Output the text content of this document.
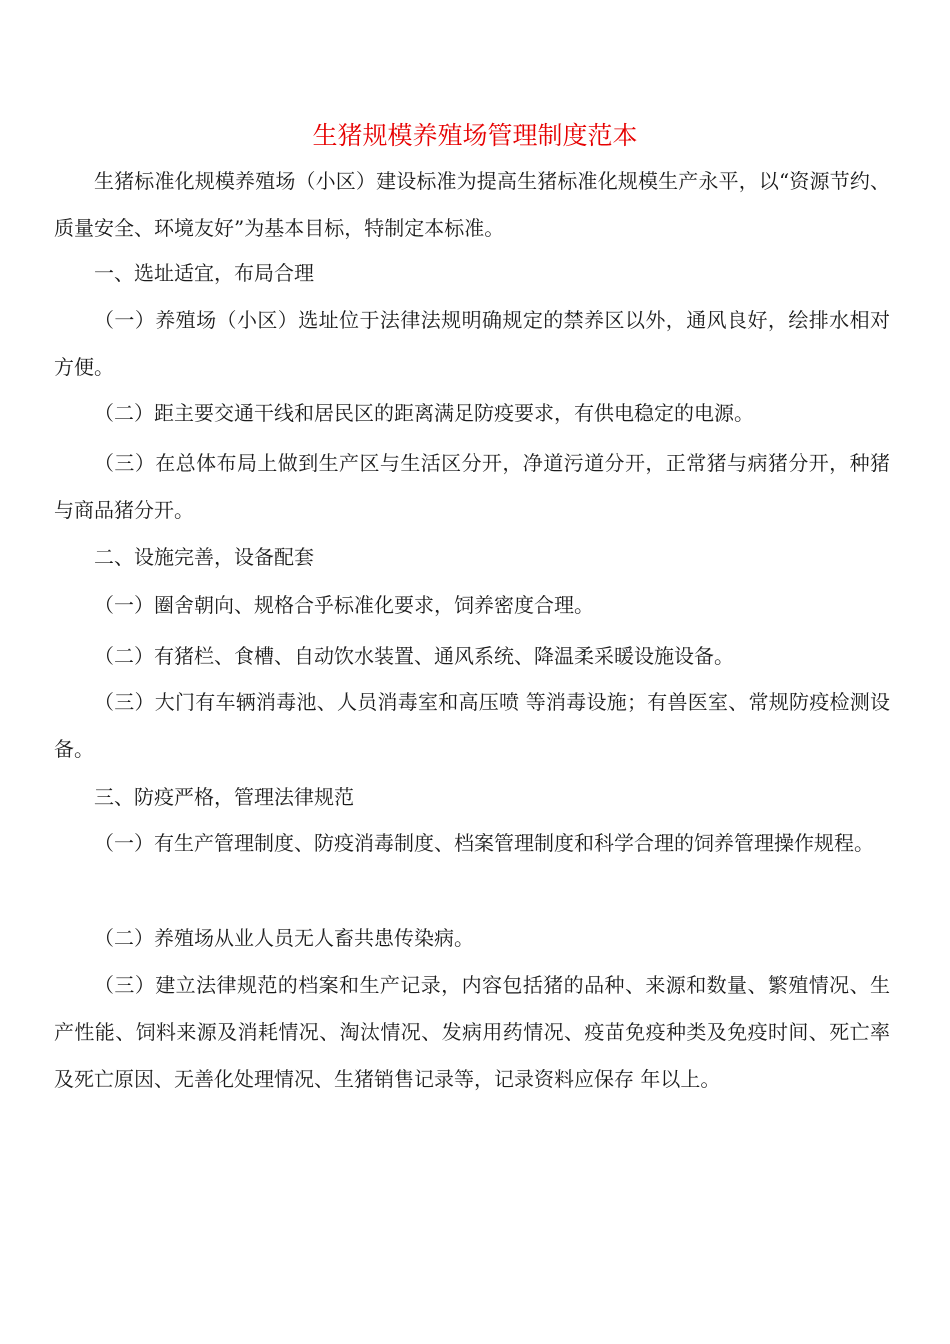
生猪规模养殖场管理制度范本
生猪标准化规模养殖场（小区）建设标准为提高生猪标准化规模生产永平，以“资源节约、质量安全、环境友好”为基本目标，特制定本标准。
一、选址适宜，布局合理
（一）养殖场（小区）选址位于法律法规明确规定的禁养区以外，通风良好，绘排水相对方便。
（二）距主要交通干线和居民区的距离满足防疫要求，有供电稳定的电源。
（三）在总体布局上做到生产区与生活区分开，净道污道分开，正常猪与病猪分开，种猪与商品猪分开。
二、设施完善，设备配套
（一）圈舍朝向、规格合乎标准化要求，饲养密度合理。
（二）有猪栏、食槽、自动饮水装置、通风系统、降温柔采暖设施设备。
（三）大门有车辆消毒池、人员消毒室和高压喷 等消毒设施；有兽医室、常规防疫检测设备。
三、防疫严格，管理法律规范
（一）有生产管理制度、防疫消毒制度、档案管理制度和科学合理的饲养管理操作规程。
（二）养殖场从业人员无人畜共患传染病。
（三）建立法律规范的档案和生产记录，内容包括猪的品种、来源和数量、繁殖情况、生产性能、饲料来源及消耗情况、淘汰情况、发病用药情况、疫苗免疫种类及免疫时间、死亡率及死亡原因、无善化处理情况、生猪销售记录等，记录资料应保存 年以上。
